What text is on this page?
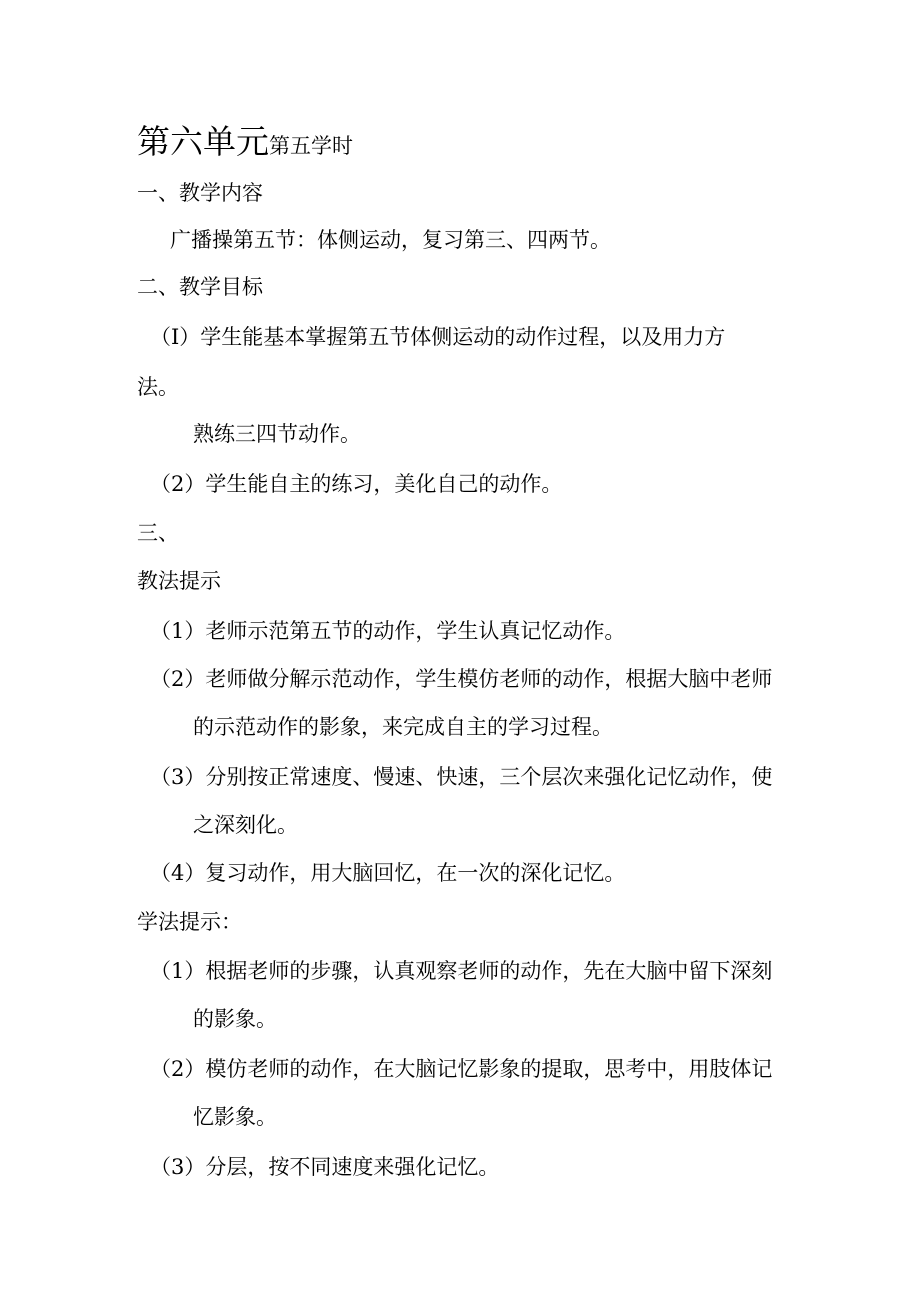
第六单元第五学时
一、教学内容
广播操第五节：体侧运动，复习第三、四两节。
二、教学目标
（I）学生能基本掌握第五节体侧运动的动作过程，以及用力方
法。
熟练三四节动作。
（2）学生能自主的练习，美化自己的动作。
三、
教法提示
（1）老师示范第五节的动作，学生认真记忆动作。
（2）老师做分解示范动作，学生模仿老师的动作，根据大脑中老师
的示范动作的影象，来完成自主的学习过程。
（3）分别按正常速度、慢速、快速，三个层次来强化记忆动作，使
之深刻化。
（4）复习动作，用大脑回忆，在一次的深化记忆。
学法提示：
（1）根据老师的步骤，认真观察老师的动作，先在大脑中留下深刻
的影象。
（2）模仿老师的动作，在大脑记忆影象的提取，思考中，用肢体记
忆影象。
（3）分层，按不同速度来强化记忆。
